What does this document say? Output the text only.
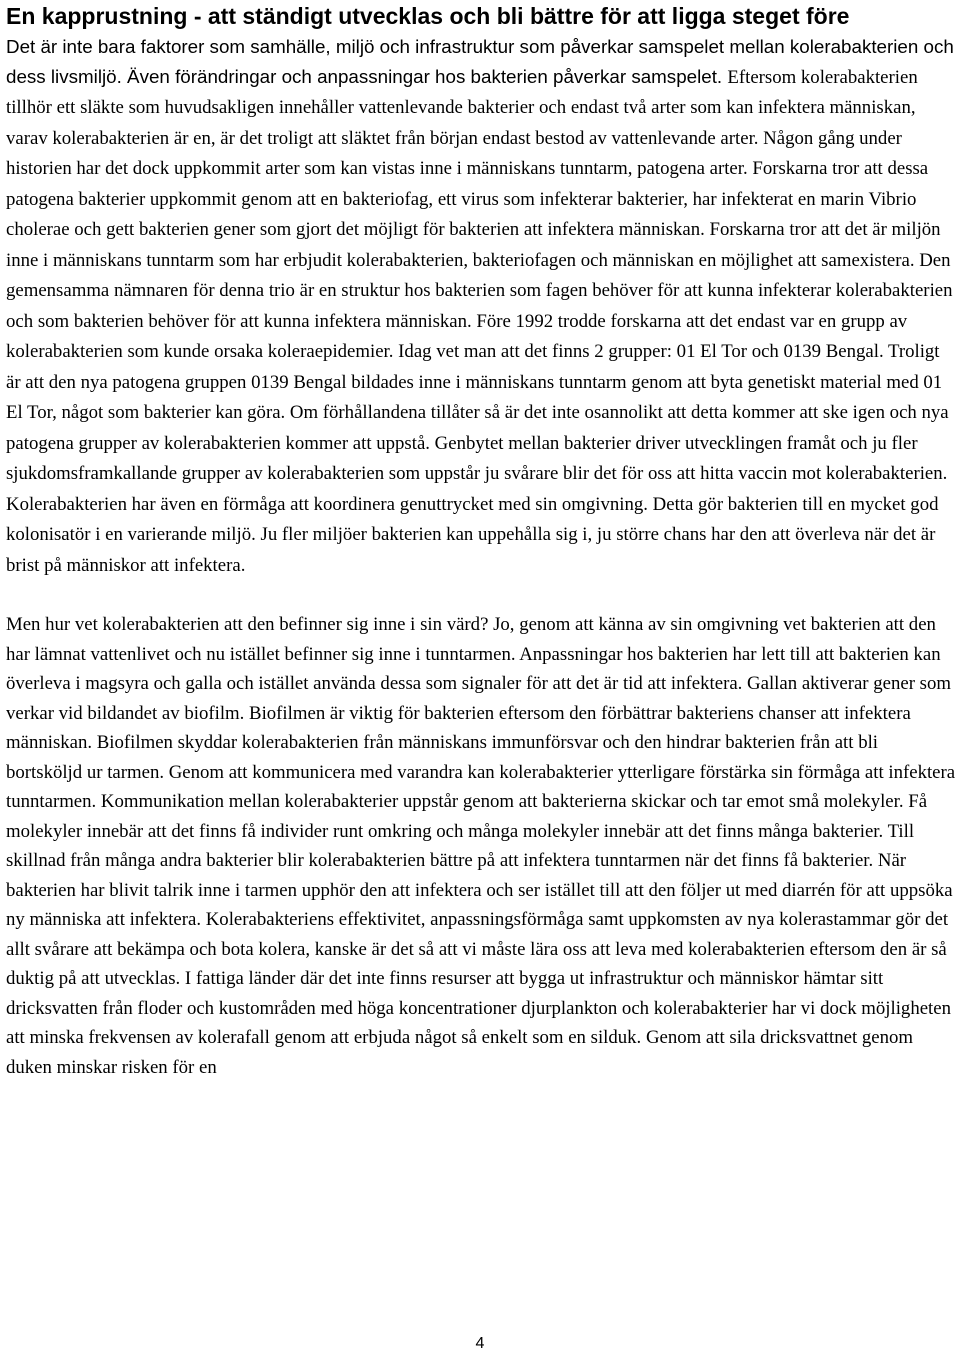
En kapprustning - att ständigt utvecklas och bli bättre för att ligga steget före

Det är inte bara faktorer som samhälle, miljö och infrastruktur som påverkar samspelet mellan kolerabakterien och dess livsmiljö. Även förändringar och anpassningar hos bakterien påverkar samspelet. Eftersom kolerabakterien tillhör ett släkte som huvudsakligen innehåller vattenlevande bakterier och endast två arter som kan infektera människan, varav kolerabakterien är en, är det troligt att släktet från början endast bestod av vattenlevande arter. Någon gång under historien har det dock uppkommit arter som kan vistas inne i människans tunntarm, patogena arter. Forskarna tror att dessa patogena bakterier uppkommit genom att en bakteriofag, ett virus som infekterar bakterier, har infekterat en marin Vibrio cholerae och gett bakterien gener som gjort det möjligt för bakterien att infektera människan. Forskarna tror att det är miljön inne i människans tunntarm som har erbjudit kolerabakterien, bakteriofagen och människan en möjlighet att samexistera. Den gemensamma nämnaren för denna trio är en struktur hos bakterien som fagen behöver för att kunna infekterar kolerabakterien och som bakterien behöver för att kunna infektera människan. Före 1992 trodde forskarna att det endast var en grupp av kolerabakterien som kunde orsaka koleraepidemier. Idag vet man att det finns 2 grupper: 01 El Tor och 0139 Bengal. Troligt är att den nya patogena gruppen 0139 Bengal bildades inne i människans tunntarm genom att byta genetiskt material med 01 El Tor, något som bakterier kan göra. Om förhållandena tillåter så är det inte osannolikt att detta kommer att ske igen och nya patogena grupper av kolerabakterien kommer att uppstå. Genbytet mellan bakterier driver utvecklingen framåt och ju fler sjukdomsframkallande grupper av kolerabakterien som uppstår ju svårare blir det för oss att hitta vaccin mot kolerabakterien. Kolerabakterien har även en förmåga att koordinera genuttrycket med sin omgivning. Detta gör bakterien till en mycket god kolonisatör i en varierande miljö. Ju fler miljöer bakterien kan uppehålla sig i, ju större chans har den att överleva när det är brist på människor att infektera.

Men hur vet kolerabakterien att den befinner sig inne i sin värd? Jo, genom att känna av sin omgivning vet bakterien att den har lämnat vattenlivet och nu istället befinner sig inne i tunntarmen. Anpassningar hos bakterien har lett till att bakterien kan överleva i magsyra och galla och istället använda dessa som signaler för att det är tid att infektera. Gallan aktiverar gener som verkar vid bildandet av biofilm. Biofilmen är viktig för bakterien eftersom den förbättrar bakteriens chanser att infektera människan. Biofilmen skyddar kolerabakterien från människans immunförsvar och den hindrar bakterien från att bli bortsköljd ur tarmen. Genom att kommunicera med varandra kan kolerabakterier ytterligare förstärka sin förmåga att infektera tunntarmen. Kommunikation mellan kolerabakterier uppstår genom att bakterierna skickar och tar emot små molekyler. Få molekyler innebär att det finns få individer runt omkring och många molekyler innebär att det finns många bakterier. Till skillnad från många andra bakterier blir kolerabakterien bättre på att infektera tunntarmen när det finns få bakterier. När bakterien har blivit talrik inne i tarmen upphör den att infektera och ser istället till att den följer ut med diarrén för att uppsöka ny människa att infektera. Kolerabakteriens effektivitet, anpassningsförmåga samt uppkomsten av nya kolerastammar gör det allt svårare att bekämpa och bota kolera, kanske är det så att vi måste lära oss att leva med kolerabakterien eftersom den är så duktig på att utvecklas. I fattiga länder där det inte finns resurser att bygga ut infrastruktur och människor hämtar sitt dricksvatten från floder och kustområden med höga koncentrationer djurplankton och kolerabakterier har vi dock möjligheten att minska frekvensen av kolerafall genom att erbjuda något så enkelt som en silduk. Genom att sila dricksvattnet genom duken minskar risken för en

4
